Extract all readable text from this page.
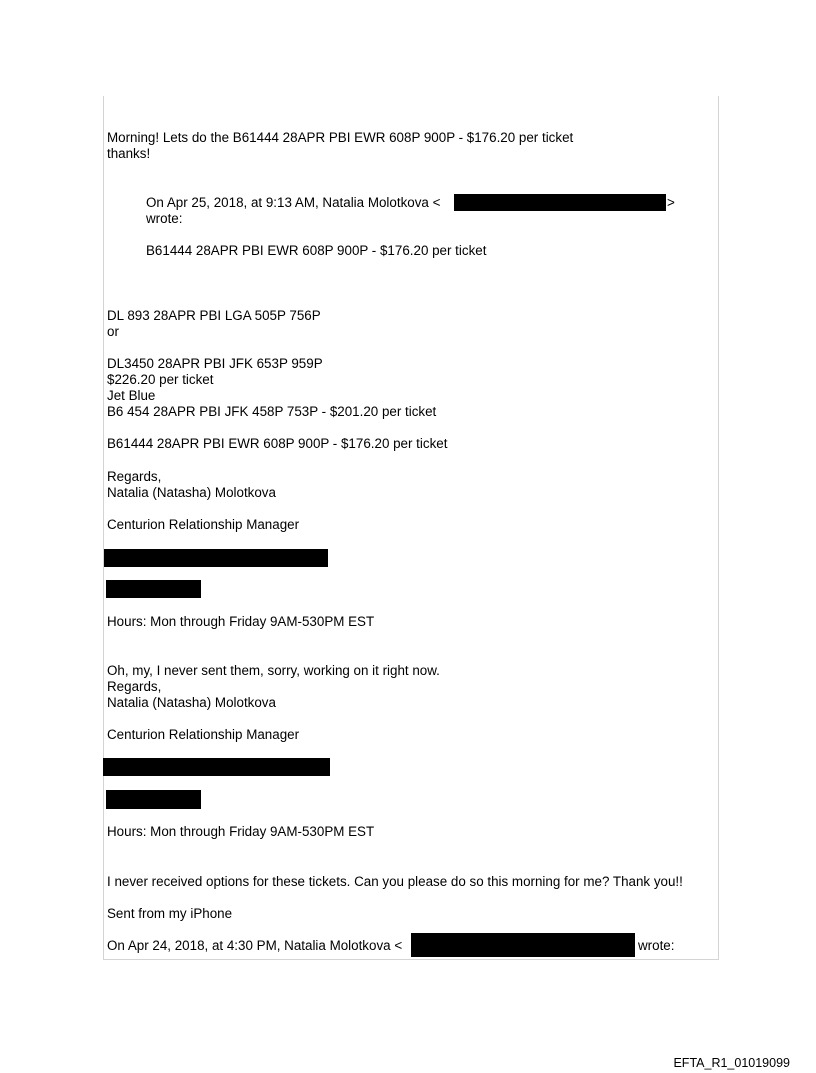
Morning! Lets do the B61444 28APR PBI EWR 608P 900P - $176.20 per ticket
thanks!
On Apr 25, 2018, at 9:13 AM, Natalia Molotkova <	>
wrote:
B61444 28APR PBI EWR 608P 900P - $176.20 per ticket
DL 893 28APR PBI LGA 505P 756P
or
DL3450 28APR PBI JFK 653P 959P
$226.20 per ticket
Jet Blue
B6 454 28APR PBI JFK 458P 753P - $201.20 per ticket
B61444 28APR PBI EWR 608P 900P - $176.20 per ticket
Regards,
Natalia (Natasha) Molotkova
Centurion Relationship Manager
Hours: Mon through Friday 9AM-530PM EST
Oh, my, I never sent them, sorry, working on it right now.
Regards,
Natalia (Natasha) Molotkova
Centurion Relationship Manager
Hours: Mon through Friday 9AM-530PM EST
I never received options for these tickets. Can you please do so this morning for me? Thank you!!
Sent from my iPhone
On Apr 24, 2018, at 4:30 PM, Natalia Molotkova <	wrote:
EFTA_R1_01019099
